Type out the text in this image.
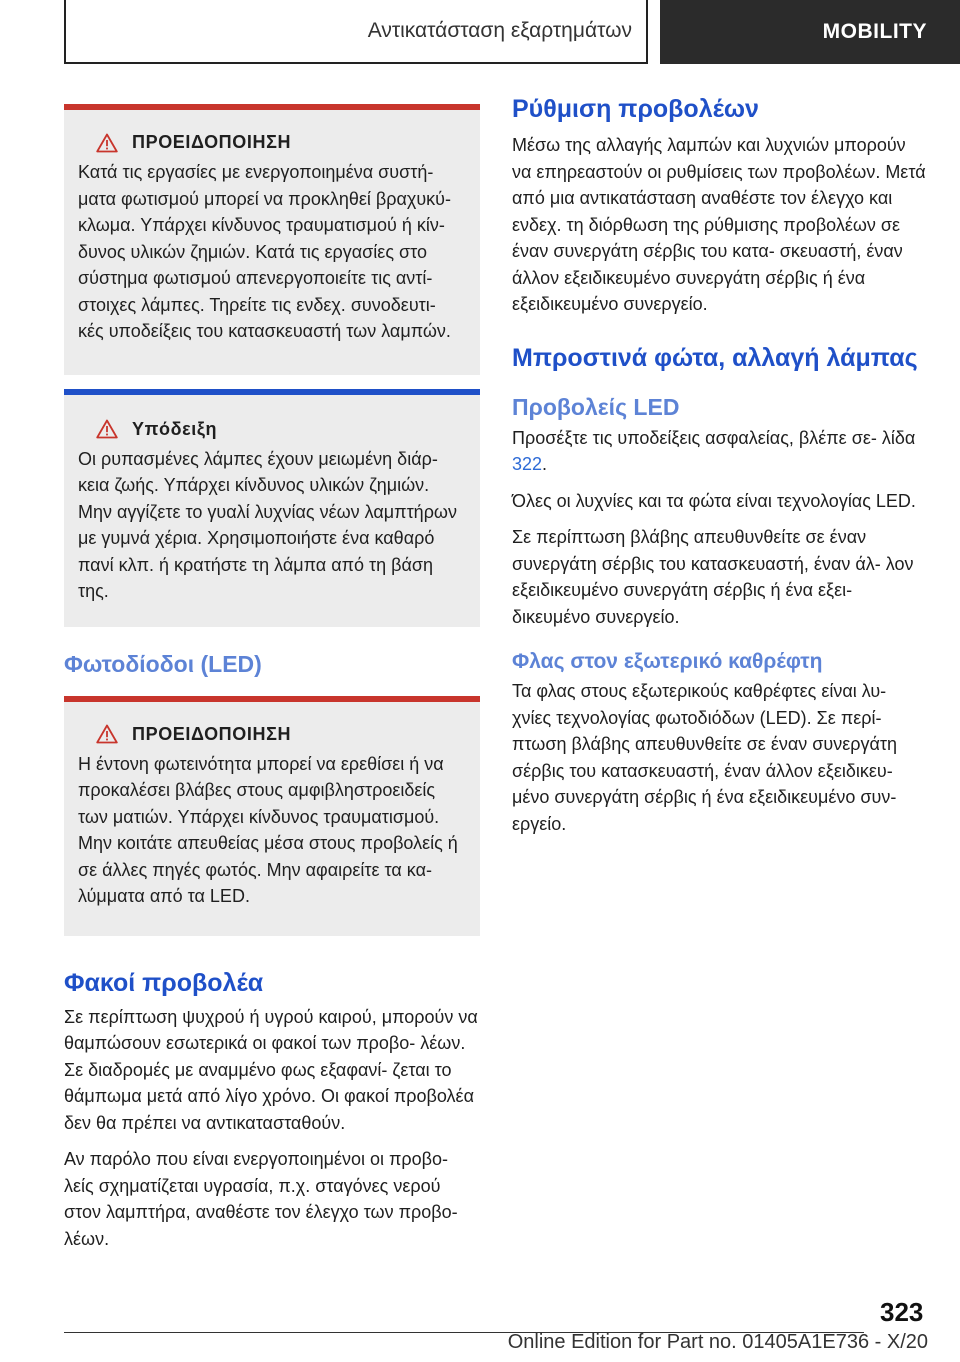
Αντικατάσταση εξαρτημάτων	MOBILITY
ΠΡΟΕΙΔΟΠΟΙΗΣΗ

Κατά τις εργασίες με ενεργοποιημένα συστή‐ ματα φωτισμού μπορεί να προκληθεί βραχυκύ‐ κλωμα. Υπάρχει κίνδυνος τραυματισμού ή κίν‐ δυνος υλικών ζημιών. Κατά τις εργασίες στο σύστημα φωτισμού απενεργοποιείτε τις αντί‐ στοιχες λάμπες. Τηρείτε τις ενδεχ. συνοδευτι‐ κές υποδείξεις του κατασκευαστή των λαμπών.

Υπόδειξη

Οι ρυπασμένες λάμπες έχουν μειωμένη διάρ‐ κεια ζωής. Υπάρχει κίνδυνος υλικών ζημιών. Μην αγγίζετε το γυαλί λυχνίας νέων λαμπτήρων με γυμνά χέρια. Χρησιμοποιήστε ένα καθαρό πανί κλπ. ή κρατήστε τη λάμπα από τη βάση της.

Φωτοδίοδοι (LED)
ΠΡΟΕΙΔΟΠΟΙΗΣΗ

Η έντονη φωτεινότητα μπορεί να ερεθίσει ή να προκαλέσει βλάβες στους αμφιβληστροειδείς των ματιών. Υπάρχει κίνδυνος τραυματισμού. Μην κοιτάτε απευθείας μέσα στους προβολείς ή σε άλλες πηγές φωτός. Μην αφαιρείτε τα κα‐ λύμματα από τα LED.

Φακοί προβολέα

Σε περίπτωση ψυχρού ή υγρού καιρού, μπορούν να θαμπώσουν εσωτερικά οι φακοί των προβο‐ λέων. Σε διαδρομές με αναμμένο φως εξαφανί‐ ζεται το θάμπωμα μετά από λίγο χρόνο. Οι φακοί προβολέα δεν θα πρέπει να αντικατασταθούν.

Αν παρόλο που είναι ενεργοποιημένοι οι προβο‐ λείς σχηματίζεται υγρασία, π.χ. σταγόνες νερού στον λαμπτήρα, αναθέστε τον έλεγχο των προβο‐ λέων.

Ρύθμιση προβολέων

Μέσω της αλλαγής λαμπών και λυχνιών μπορούν να επηρεαστούν οι ρυθμίσεις των προβολέων. Μετά από μια αντικατάσταση αναθέστε τον έλεγχο και ενδεχ. τη διόρθωση της ρύθμισης προβολέων σε έναν συνεργάτη σέρβις του κατα‐ σκευαστή, έναν άλλον εξειδικευμένο συνεργάτη σέρβις ή ένα εξειδικευμένο συνεργείο.

Μπροστινά φώτα, αλλαγή λάμπας
Προβολείς LED

Προσέξτε τις υποδείξεις ασφαλείας, βλέπε σε‐ λίδα 322.

Όλες οι λυχνίες και τα φώτα είναι τεχνολογίας LED.

Σε περίπτωση βλάβης απευθυνθείτε σε έναν συνεργάτη σέρβις του κατασκευαστή, έναν άλ‐ λον εξειδικευμένο συνεργάτη σέρβις ή ένα εξει‐ δικευμένο συνεργείο.

Φλας στον εξωτερικό καθρέφτη

Τα φλας στους εξωτερικούς καθρέφτες είναι λυ‐ χνίες τεχνολογίας φωτοδιόδων (LED). Σε περί‐ πτωση βλάβης απευθυνθείτε σε έναν συνεργάτη σέρβις του κατασκευαστή, έναν άλλον εξειδικευ‐ μένο συνεργάτη σέρβις ή ένα εξειδικευμένο συν‐ εργείο.

323
Online Edition for Part no. 01405A1E736 - X/20
